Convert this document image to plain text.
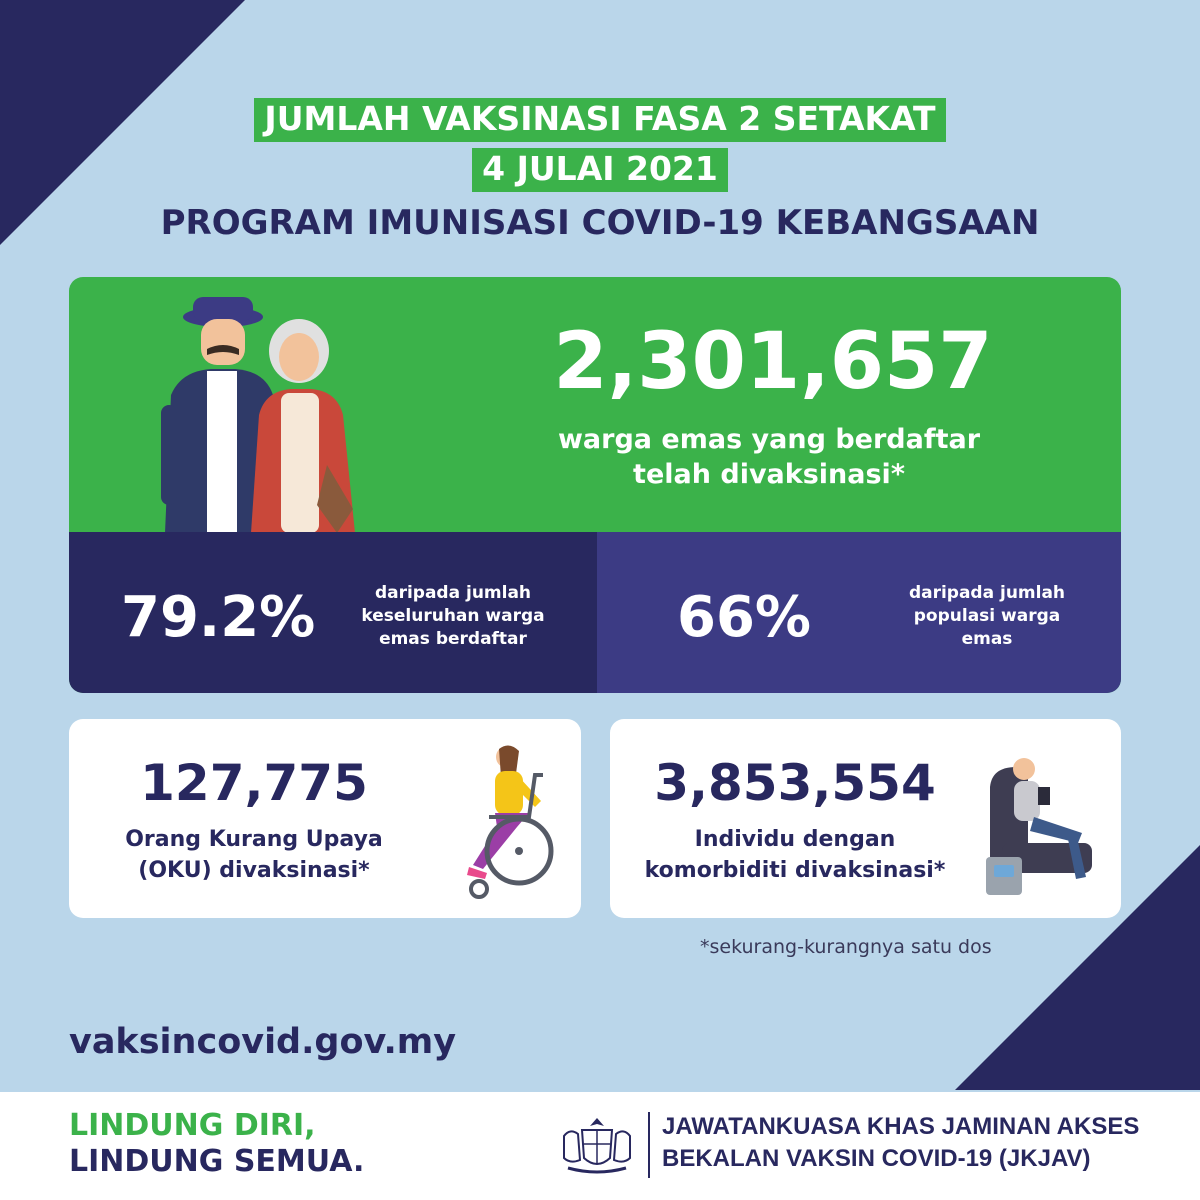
JUMLAH VAKSINASI FASA 2 SETAKAT
4 JULAI 2021
PROGRAM IMUNISASI COVID-19 KEBANGSAAN
2,301,657
warga emas yang berdaftar
telah divaksinasi*
79.2%	daripada jumlah
keseluruhan warga
emas berdaftar	66%	daripada jumlah
populasi warga
emas
127,775
Orang Kurang Upaya
(OKU) divaksinasi*
3,853,554
Individu dengan
komorbiditi divaksinasi*
*sekurang-kurangnya satu dos
vaksincovid.gov.my
LINDUNG DIRI,
LINDUNG SEMUA.
JAWATANKUASA KHAS JAMINAN AKSES
BEKALAN VAKSIN COVID-19 (JKJAV)
